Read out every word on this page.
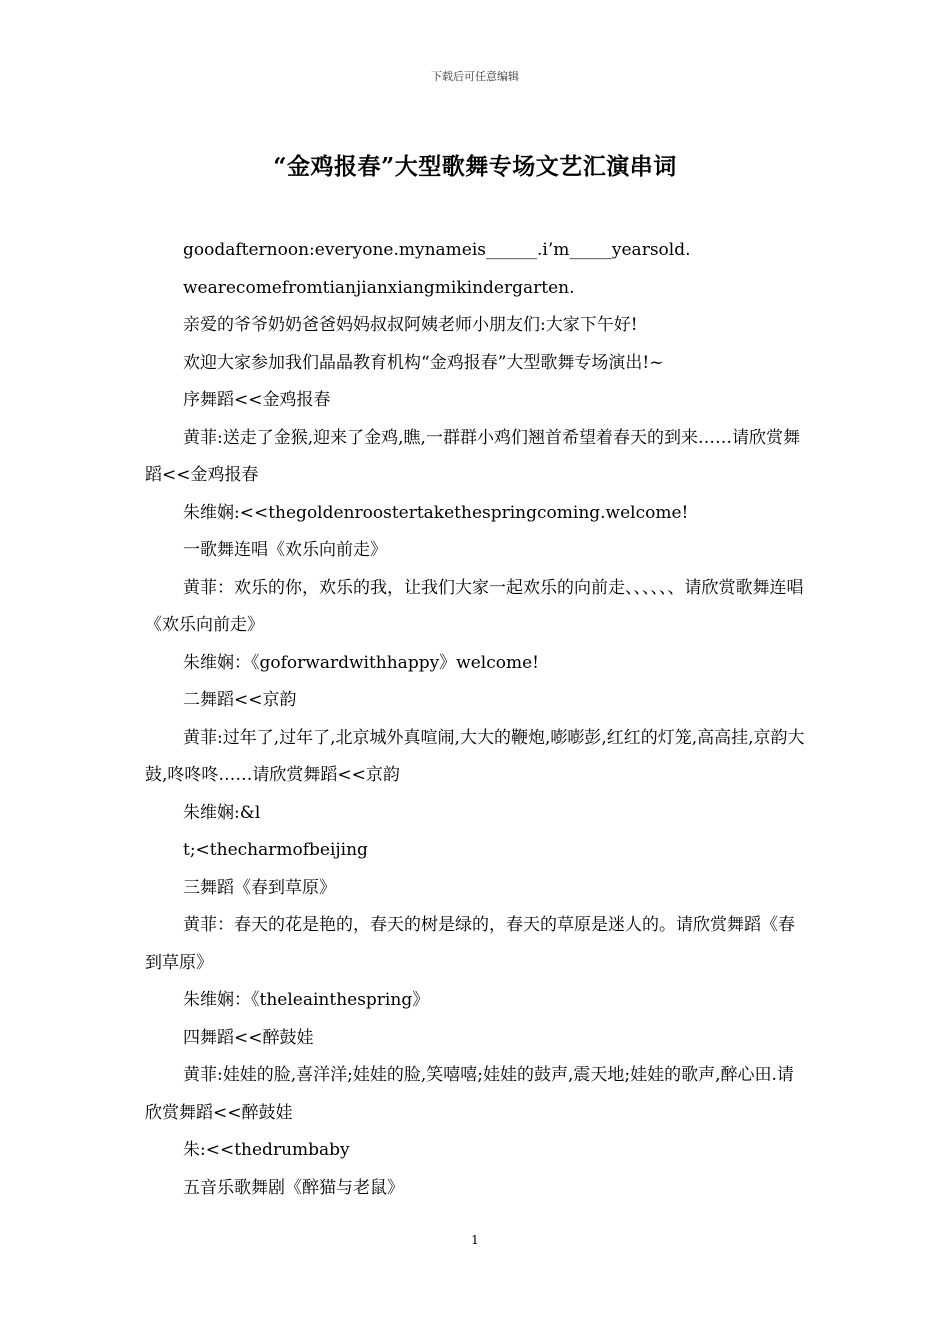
下载后可任意编辑
“金鸡报春”大型歌舞专场文艺汇演串词

goodafternoon:everyone.mynameis______.i’m_____yearsold.

wearecomefromtianjianxiangmikindergarten.

亲爱的爷爷奶奶爸爸妈妈叔叔阿姨老师小朋友们:大家下午好!

欢迎大家参加我们晶晶教育机构“金鸡报春”大型歌舞专场演出!~

序舞蹈<<金鸡报春

黄菲:送走了金猴,迎来了金鸡,瞧,一群群小鸡们翘首希望着春天的到来……请欣赏舞蹈<<金鸡报春

朱维娴:<<thegoldenroostertakethespringcoming.welcome!

一歌舞连唱《欢乐向前走》

黄菲：欢乐的你，欢乐的我，让我们大家一起欢乐的向前走、、、、、、请欣赏歌舞连唱《欢乐向前走》

朱维娴：《goforwardwithhappy》welcome!

二舞蹈<<京韵

黄菲:过年了,过年了,北京城外真喧闹,大大的鞭炮,嘭嘭彭,红红的灯笼,高高挂,京韵大鼓,咚咚咚……请欣赏舞蹈<<京韵

朱维娴:&l

t;<thecharmofbeijing

三舞蹈《春到草原》

黄菲：春天的花是艳的，春天的树是绿的，春天的草原是迷人的。请欣赏舞蹈《春到草原》

朱维娴：《theleainthespring》

四舞蹈<<醉鼓娃

黄菲:娃娃的脸,喜洋洋;娃娃的脸,笑嘻嘻;娃娃的鼓声,震天地;娃娃的歌声,醉心田.请欣赏舞蹈<<醉鼓娃

朱:<<thedrumbaby

五音乐歌舞剧《醉猫与老鼠》

1
